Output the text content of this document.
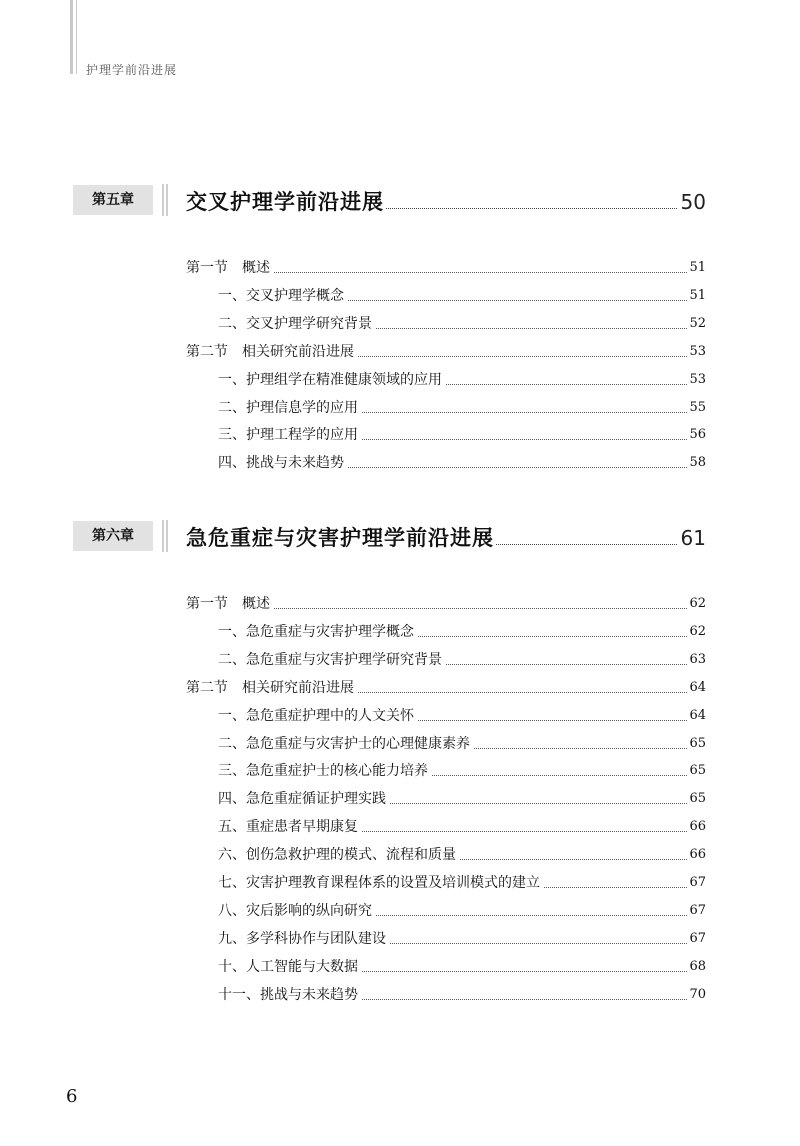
护理学前沿进展
第五章	交叉护理学前沿进展	50
第一节　概述	51
一、交叉护理学概念	51
二、交叉护理学研究背景	52
第二节　相关研究前沿进展	53
一、护理组学在精准健康领域的应用	53
二、护理信息学的应用	55
三、护理工程学的应用	56
四、挑战与未来趋势	58
第六章	急危重症与灾害护理学前沿进展	61
第一节　概述	62
一、急危重症与灾害护理学概念	62
二、急危重症与灾害护理学研究背景	63
第二节　相关研究前沿进展	64
一、急危重症护理中的人文关怀	64
二、急危重症与灾害护士的心理健康素养	65
三、急危重症护士的核心能力培养	65
四、急危重症循证护理实践	65
五、重症患者早期康复	66
六、创伤急救护理的模式、流程和质量	66
七、灾害护理教育课程体系的设置及培训模式的建立	67
八、灾后影响的纵向研究	67
九、多学科协作与团队建设	67
十、人工智能与大数据	68
十一、挑战与未来趋势	70
6
